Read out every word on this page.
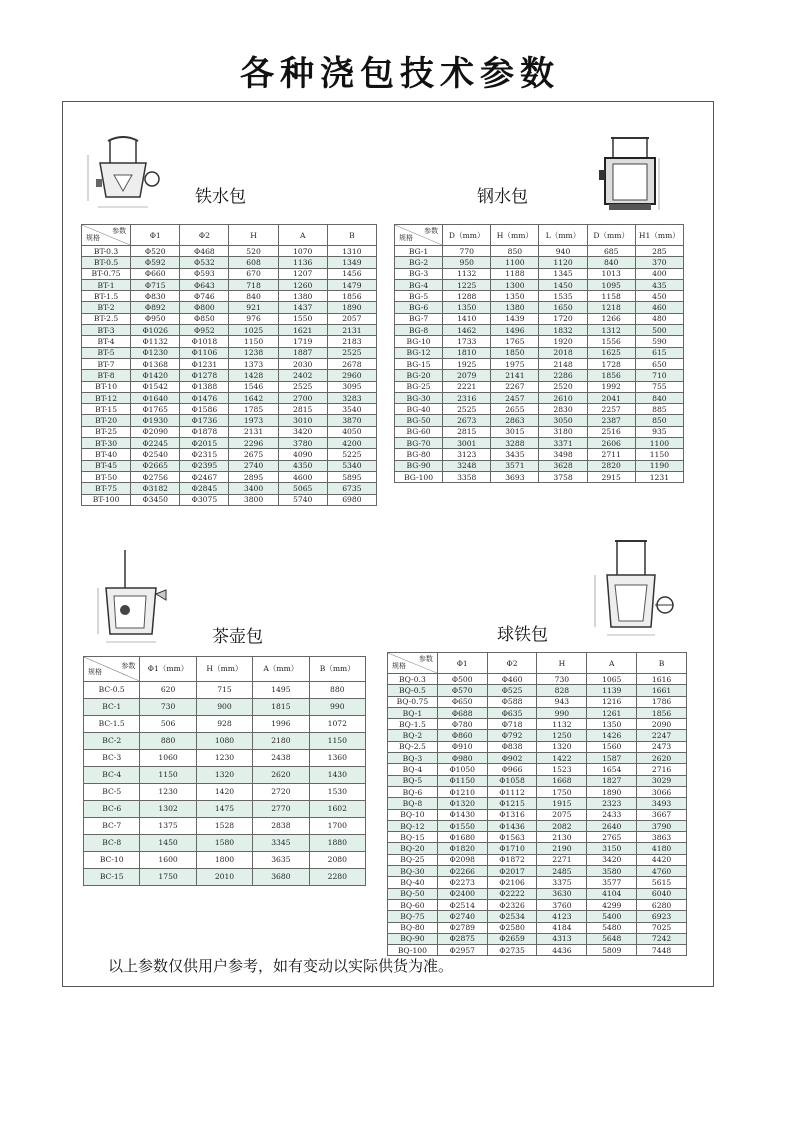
各种浇包技术参数
铁水包	钢水包
茶壶包	球铁包
参数
规格	Φ1	Φ2	H	A	B
BT-0.3	Φ520	Φ468	520	1070	1310
BT-0.5	Φ592	Φ532	608	1136	1349
BT-0.75	Φ660	Φ593	670	1207	1456
BT-1	Φ715	Φ643	718	1260	1479
BT-1.5	Φ830	Φ746	840	1380	1856
BT-2	Φ892	Φ800	921	1437	1890
BT-2.5	Φ950	Φ850	976	1550	2057
BT-3	Φ1026	Φ952	1025	1621	2131
BT-4	Φ1132	Φ1018	1150	1719	2183
BT-5	Φ1230	Φ1106	1238	1887	2525
BT-7	Φ1368	Φ1231	1373	2030	2678
BT-8	Φ1420	Φ1278	1428	2402	2960
BT-10	Φ1542	Φ1388	1546	2525	3095
BT-12	Φ1640	Φ1476	1642	2700	3283
BT-15	Φ1765	Φ1586	1785	2815	3540
BT-20	Φ1930	Φ1736	1973	3010	3870
BT-25	Φ2090	Φ1878	2131	3420	4050
BT-30	Φ2245	Φ2015	2296	3780	4200
BT-40	Φ2540	Φ2315	2675	4090	5225
BT-45	Φ2665	Φ2395	2740	4350	5340
BT-50	Φ2756	Φ2467	2895	4600	5895
BT-75	Φ3182	Φ2845	3400	5065	6735
BT-100	Φ3450	Φ3075	3800	5740	6980
参数
规格	D（mm）	H（mm）	L（mm）	D（mm）	H1（mm）
BG-1	770	850	940	685	285
BG-2	950	1100	1120	840	370
BG-3	1132	1188	1345	1013	400
BG-4	1225	1300	1450	1095	435
BG-5	1288	1350	1535	1158	450
BG-6	1350	1380	1650	1218	460
BG-7	1410	1439	1720	1266	480
BG-8	1462	1496	1832	1312	500
BG-10	1733	1765	1920	1556	590
BG-12	1810	1850	2018	1625	615
BG-15	1925	1975	2148	1728	650
BG-20	2079	2141	2286	1856	710
BG-25	2221	2267	2520	1992	755
BG-30	2316	2457	2610	2041	840
BG-40	2525	2655	2830	2257	885
BG-50	2673	2863	3050	2387	850
BG-60	2815	3015	3180	2516	935
BG-70	3001	3288	3371	2606	1100
BG-80	3123	3435	3498	2711	1150
BG-90	3248	3571	3628	2820	1190
BG-100	3358	3693	3758	2915	1231
参数
规格	Φ1（mm）	H（mm）	A（mm）	B（mm）
BC-0.5	620	715	1495	880
BC-1	730	900	1815	990
BC-1.5	506	928	1996	1072
BC-2	880	1080	2180	1150
BC-3	1060	1230	2438	1360
BC-4	1150	1320	2620	1430
BC-5	1230	1420	2720	1530
BC-6	1302	1475	2770	1602
BC-7	1375	1528	2838	1700
BC-8	1450	1580	3345	1880
BC-10	1600	1800	3635	2080
BC-15	1750	2010	3680	2280
参数
规格	Φ1	Φ2	H	A	B
BQ-0.3	Φ500	Φ460	730	1065	1616
BQ-0.5	Φ570	Φ525	828	1139	1661
BQ-0.75	Φ650	Φ588	943	1216	1786
BQ-1	Φ688	Φ635	990	1261	1856
BQ-1.5	Φ780	Φ718	1132	1350	2090
BQ-2	Φ860	Φ792	1250	1426	2247
BQ-2.5	Φ910	Φ838	1320	1560	2473
BQ-3	Φ980	Φ902	1422	1587	2620
BQ-4	Φ1050	Φ966	1523	1654	2716
BQ-5	Φ1150	Φ1058	1668	1827	3029
BQ-6	Φ1210	Φ1112	1750	1890	3066
BQ-8	Φ1320	Φ1215	1915	2323	3493
BQ-10	Φ1430	Φ1316	2075	2433	3667
BQ-12	Φ1550	Φ1436	2082	2640	3790
BQ-15	Φ1680	Φ1563	2130	2765	3863
BQ-20	Φ1820	Φ1710	2190	3150	4180
BQ-25	Φ2098	Φ1872	2271	3420	4420
BQ-30	Φ2266	Φ2017	2485	3580	4760
BQ-40	Φ2273	Φ2106	3375	3577	5615
BQ-50	Φ2400	Φ2222	3630	4104	6040
BQ-60	Φ2514	Φ2326	3760	4299	6280
BQ-75	Φ2740	Φ2534	4123	5400	6923
BQ-80	Φ2789	Φ2580	4184	5480	7025
BQ-90	Φ2875	Φ2659	4313	5648	7242
BQ-100	Φ2957	Φ2735	4436	5809	7448
以上参数仅供用户参考，如有变动以实际供货为准。
